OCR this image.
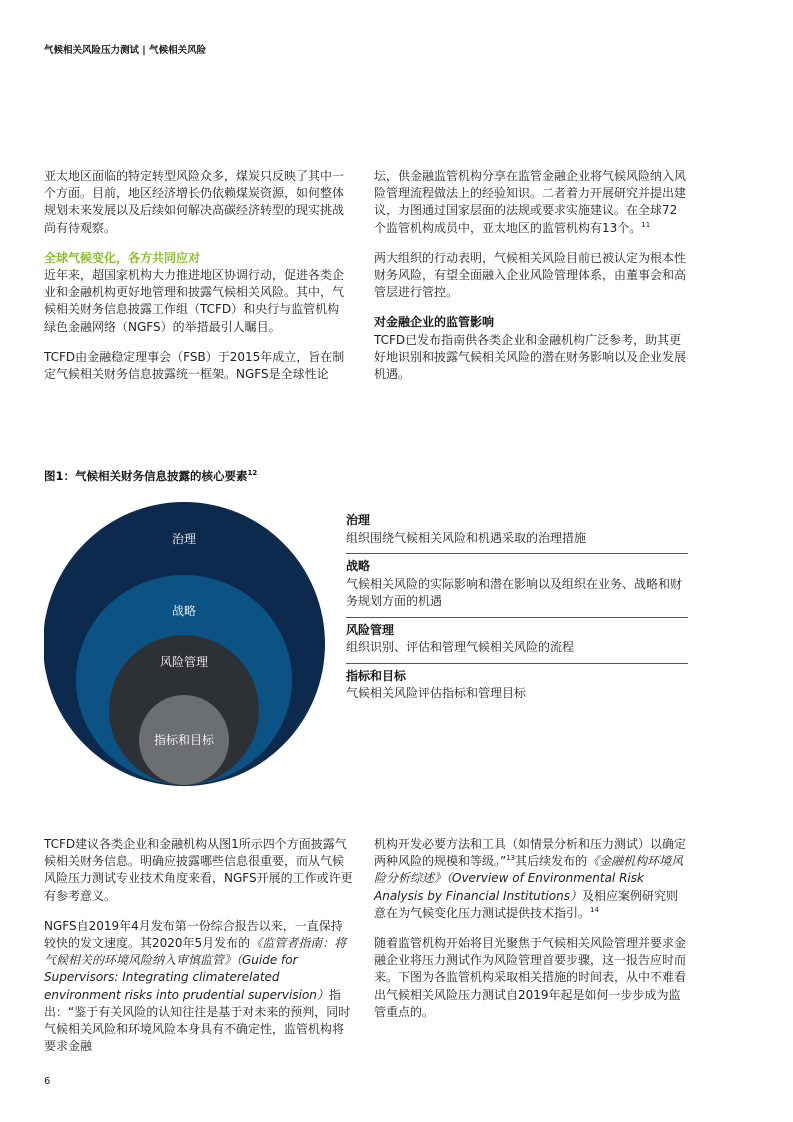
气候相关风险压力测试 | 气候相关风险

亚太地区面临的特定转型风险众多，煤炭只反映了其中一个方面。目前，地区经济增长仍依赖煤炭资源，如何整体规划未来发展以及后续如何解决高碳经济转型的现实挑战尚有待观察。

全球气候变化，各方共同应对
近年来，超国家机构大力推进地区协调行动，促进各类企业和金融机构更好地管理和披露气候相关风险。其中，气候相关财务信息披露工作组（TCFD）和央行与监管机构绿色金融网络（NGFS）的举措最引人瞩目。

TCFD由金融稳定理事会（FSB）于2015年成立，旨在制定气候相关财务信息披露统一框架。NGFS是全球性论

坛，供金融监管机构分享在监管金融企业将气候风险纳入风险管理流程做法上的经验知识。二者着力开展研究并提出建议，力图通过国家层面的法规或要求实施建议。在全球72个监管机构成员中，亚太地区的监管机构有13个。$^{11}$

两大组织的行动表明，气候相关风险目前已被认定为根本性财务风险，有望全面融入企业风险管理体系，由董事会和高管层进行管控。

对金融企业的监管影响
TCFD已发布指南供各类企业和金融机构广泛参考，助其更好地识别和披露气候相关风险的潜在财务影响以及企业发展机遇。

图1：气候相关财务信息披露的核心要素$^{12}$
治理
战略
风险管理
指标和目标
治理
组织围绕气候相关风险和机遇采取的治理措施
战略
气候相关风险的实际影响和潜在影响以及组织在业务、战略和财务规划方面的机遇
风险管理
组织识别、评估和管理气候相关风险的流程
指标和目标
气候相关风险评估指标和管理目标

TCFD建议各类企业和金融机构从图1所示四个方面披露气候相关财务信息。明确应披露哪些信息很重要，而从气候风险压力测试专业技术角度来看，NGFS开展的工作或许更有参考意义。

NGFS自2019年4月发布第一份综合报告以来，一直保持较快的发文速度。其2020年5月发布的《监管者指南：将气候相关的环境风险纳入审慎监管》（Guide for Supervisors: Integrating climaterelated environment risks into prudential supervision）指出：“鉴于有关风险的认知往往是基于对未来的预判，同时气候相关风险和环境风险本身具有不确定性，监管机构将要求金融

机构开发必要方法和工具（如情景分析和压力测试）以确定两种风险的规模和等级。”$^{13}$其后续发布的《金融机构环境风险分析综述》（Overview of Environmental Risk Analysis by Financial Institutions）及相应案例研究则意在为气候变化压力测试提供技术指引。$^{14}$

随着监管机构开始将目光聚焦于气候相关风险管理并要求金融企业将压力测试作为风险管理首要步骤，这一报告应时而来。下图为各监管机构采取相关措施的时间表，从中不难看出气候相关风险压力测试自2019年起是如何一步步成为监管重点的。

6
